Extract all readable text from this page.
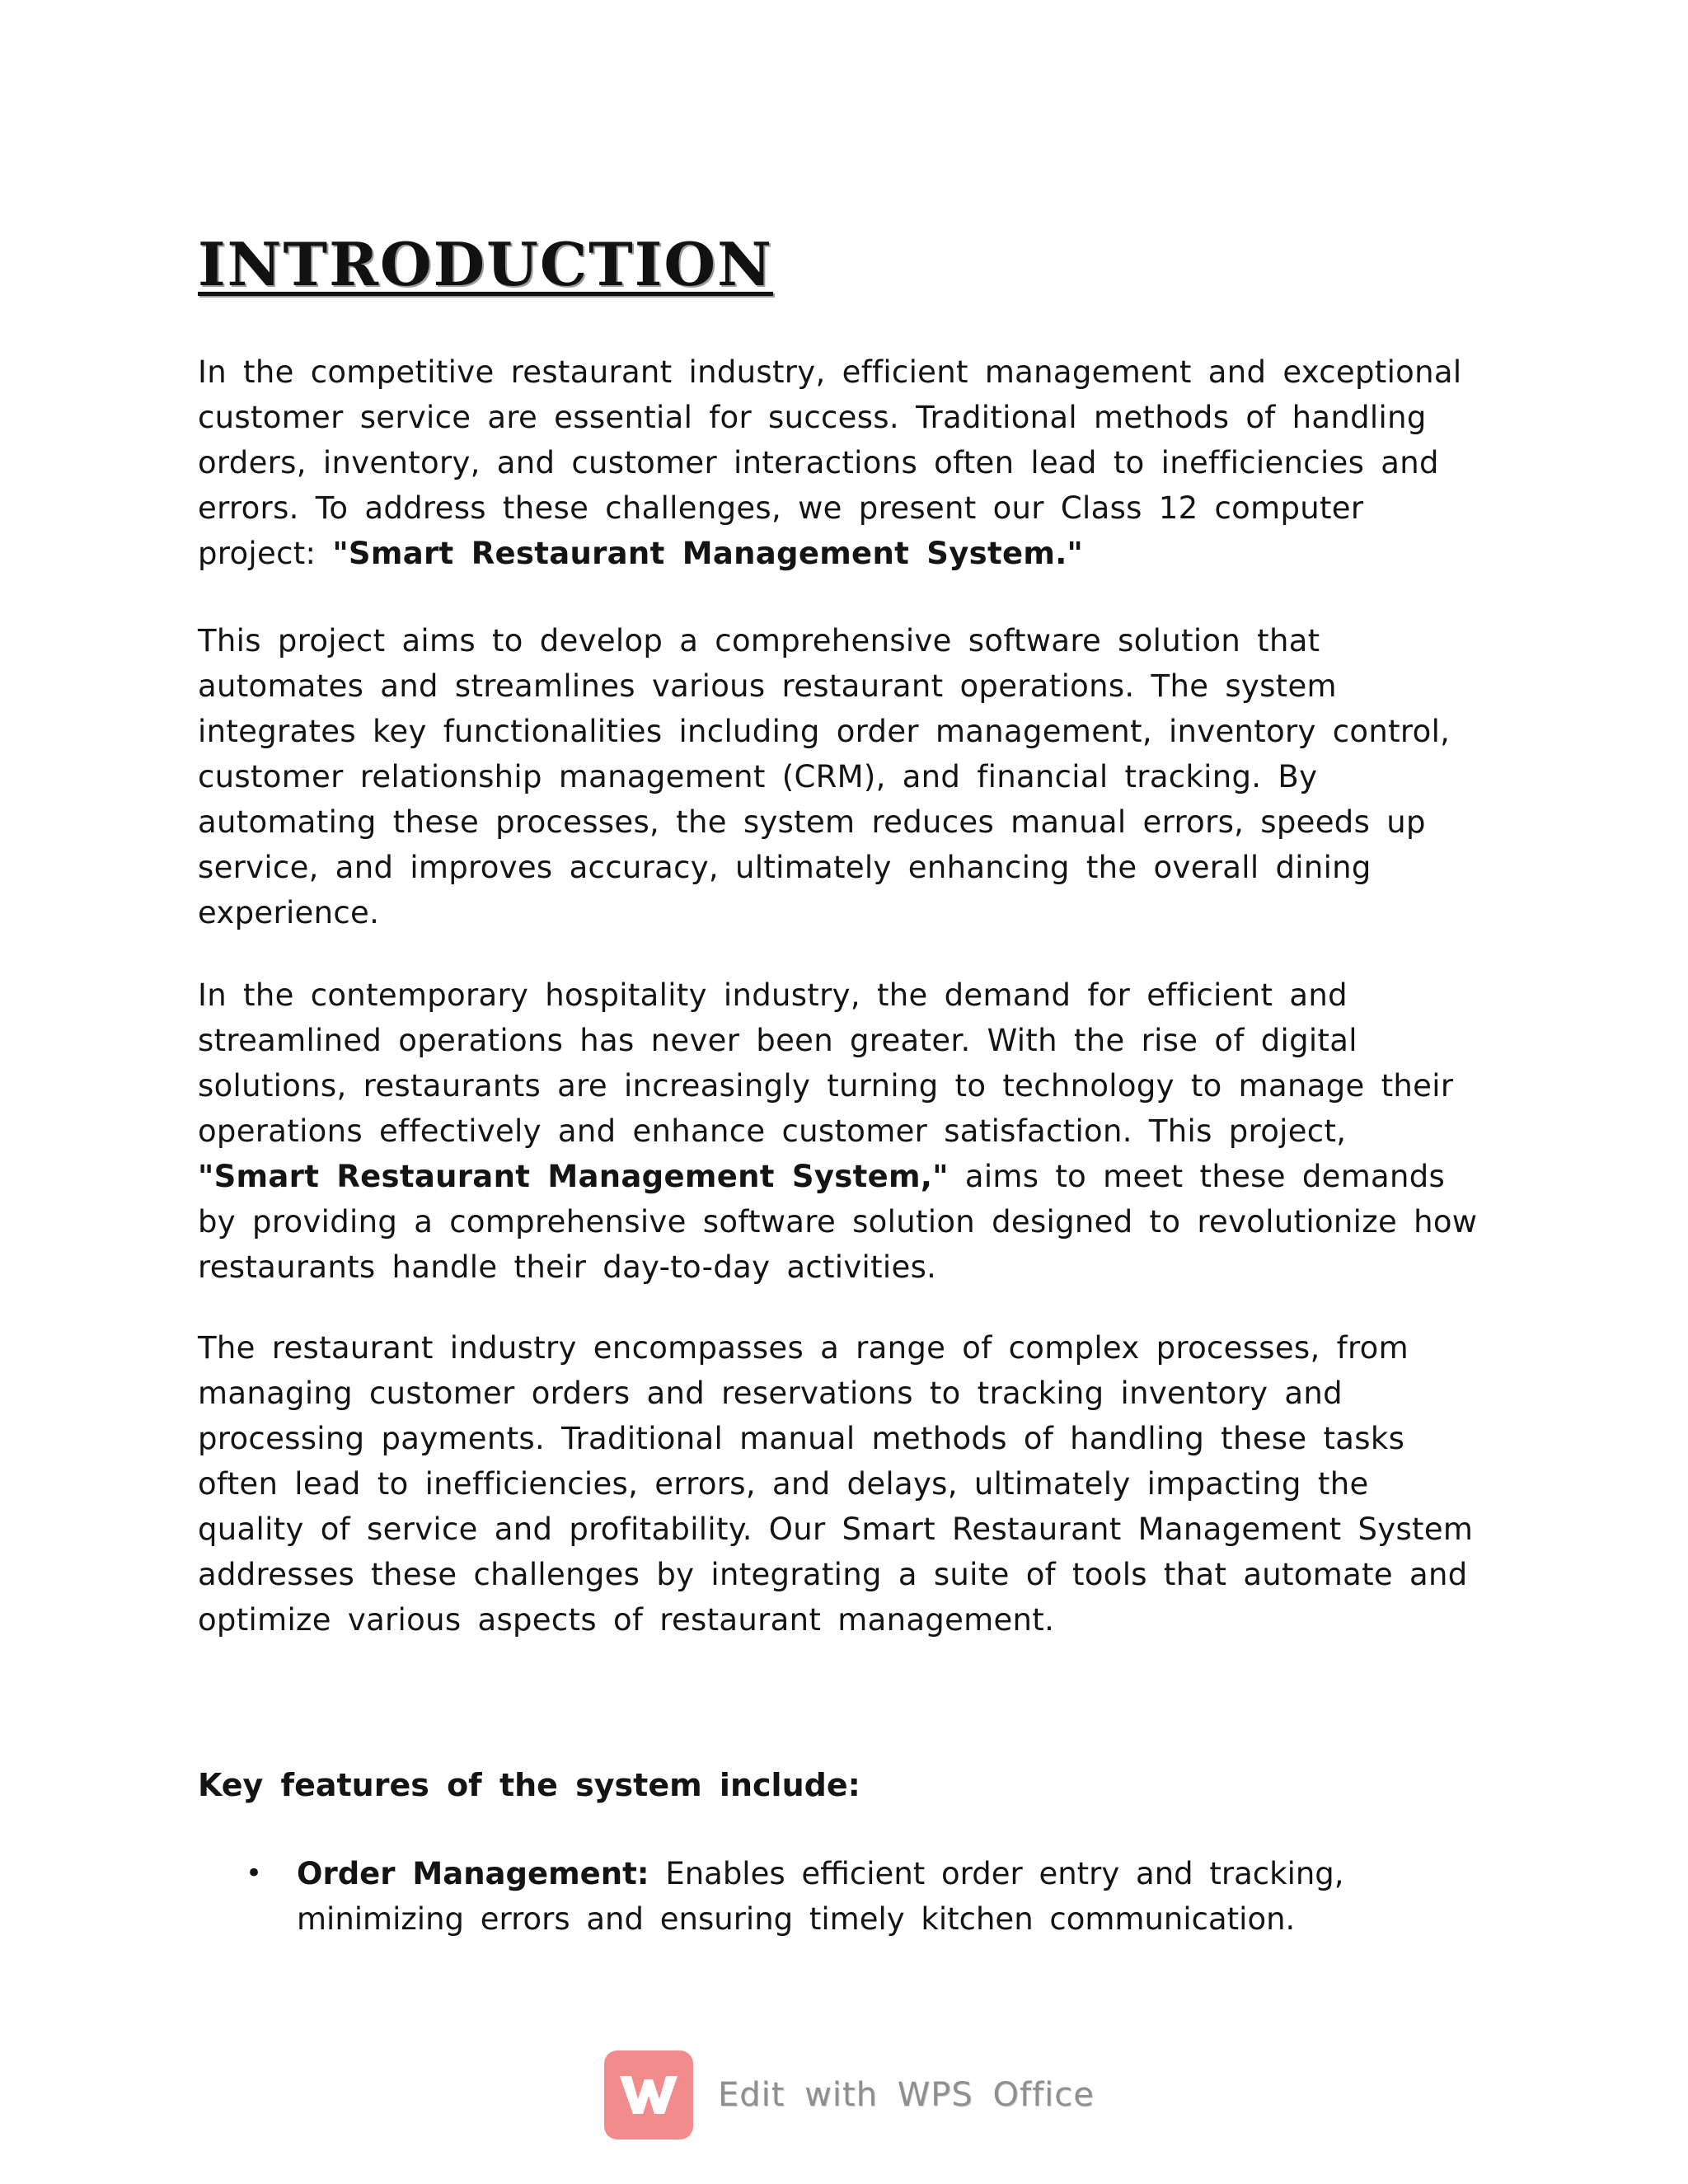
INTRODUCTION

In the competitive restaurant industry, efficient management and exceptional customer service are essential for success. Traditional methods of handling orders, inventory, and customer interactions often lead to inefficiencies and errors. To address these challenges, we present our Class 12 computer project: "Smart Restaurant Management System."

This project aims to develop a comprehensive software solution that automates and streamlines various restaurant operations. The system integrates key functionalities including order management, inventory control, customer relationship management (CRM), and financial tracking. By automating these processes, the system reduces manual errors, speeds up service, and improves accuracy, ultimately enhancing the overall dining experience.

In the contemporary hospitality industry, the demand for efficient and streamlined operations has never been greater. With the rise of digital solutions, restaurants are increasingly turning to technology to manage their operations effectively and enhance customer satisfaction. This project, "Smart Restaurant Management System," aims to meet these demands by providing a comprehensive software solution designed to revolutionize how restaurants handle their day-to-day activities.

The restaurant industry encompasses a range of complex processes, from managing customer orders and reservations to tracking inventory and processing payments. Traditional manual methods of handling these tasks often lead to inefficiencies, errors, and delays, ultimately impacting the quality of service and profitability. Our Smart Restaurant Management System addresses these challenges by integrating a suite of tools that automate and optimize various aspects of restaurant management.

Key features of the system include:
• Order Management: Enables efficient order entry and tracking, minimizing errors and ensuring timely kitchen communication.
Edit with WPS Office
